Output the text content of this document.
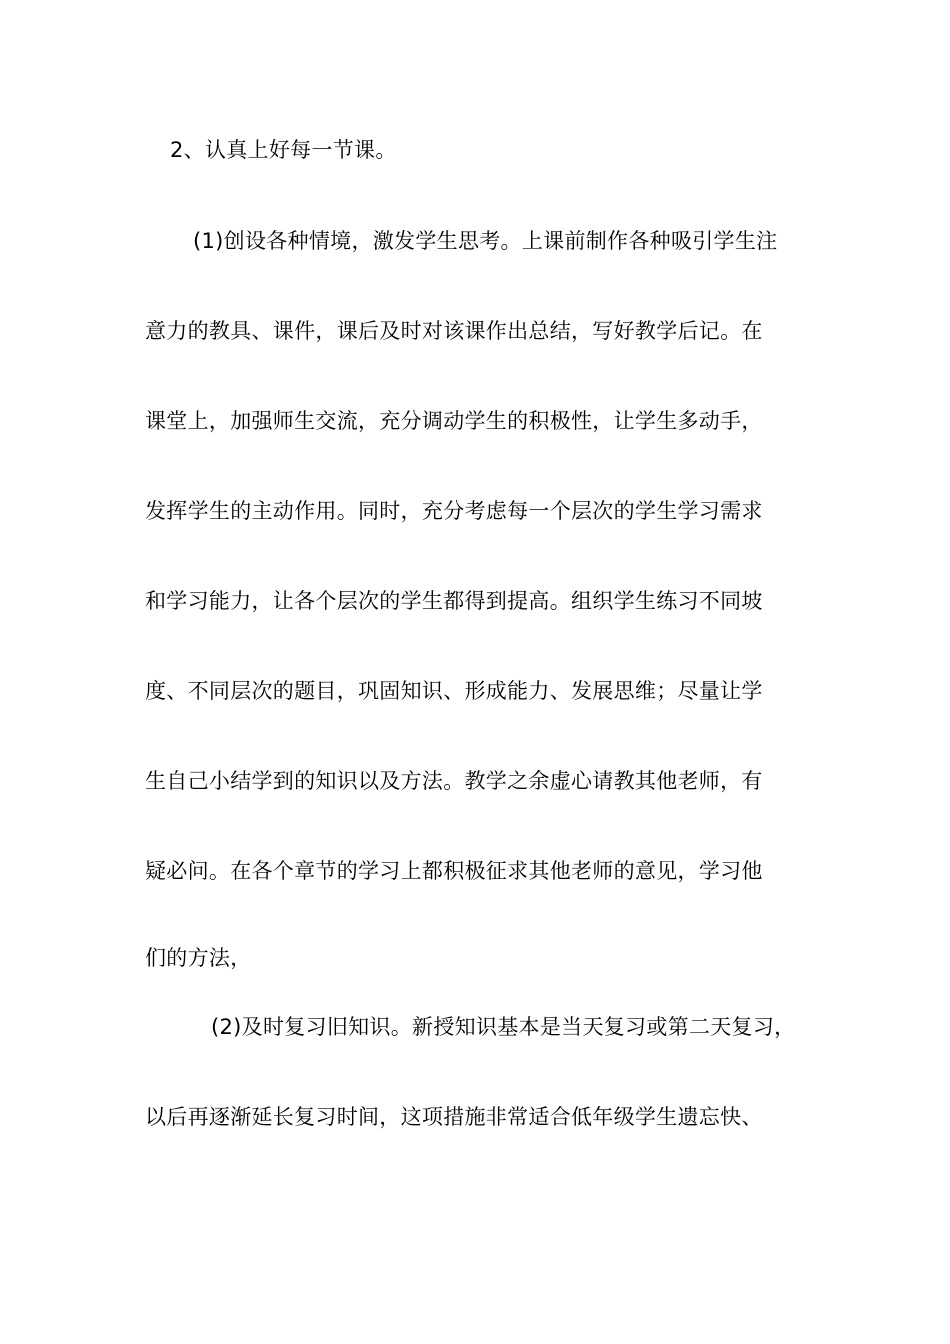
2、认真上好每一节课。
(1)创设各种情境，激发学生思考。上课前制作各种吸引学生注
意力的教具、课件，课后及时对该课作出总结，写好教学后记。在
课堂上，加强师生交流，充分调动学生的积极性，让学生多动手，
发挥学生的主动作用。同时，充分考虑每一个层次的学生学习需求
和学习能力，让各个层次的学生都得到提高。组织学生练习不同坡
度、不同层次的题目，巩固知识、形成能力、发展思维；尽量让学
生自己小结学到的知识以及方法。教学之余虚心请教其他老师，有
疑必问。在各个章节的学习上都积极征求其他老师的意见，学习他
们的方法，
(2)及时复习旧知识。新授知识基本是当天复习或第二天复习，
以后再逐渐延长复习时间，这项措施非常适合低年级学生遗忘快、
